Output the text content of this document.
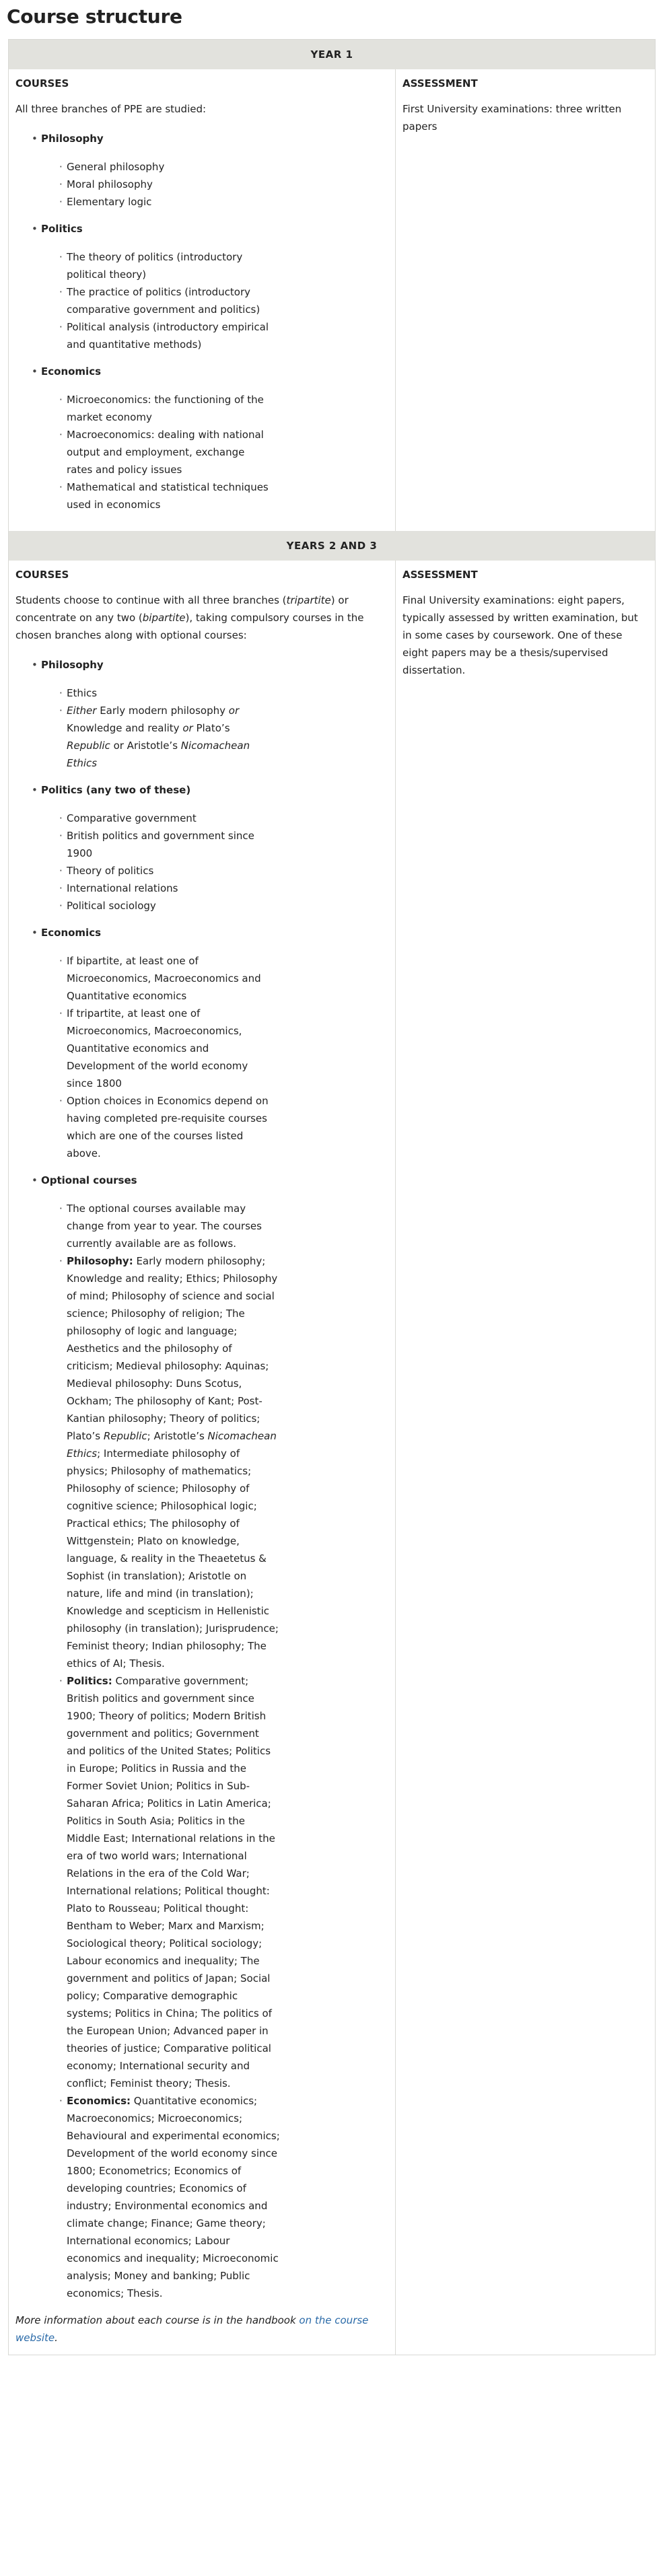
Course structure
YEAR 1
COURSES

All three branches of PPE are studied:

• Philosophy
· General philosophy
· Moral philosophy
· Elementary logic
• Politics
· The theory of politics (introductory political theory)
· The practice of politics (introductory comparative government and politics)
· Political analysis (introductory empirical and quantitative methods)
• Economics
· Microeconomics: the functioning of the market economy
· Macroeconomics: dealing with national output and employment, exchange rates and policy issues
· Mathematical and statistical techniques used in economics
ASSESSMENT

First University examinations: three written papers

YEARS 2 AND 3
COURSES

Students choose to continue with all three branches (tripartite) or concentrate on any two (bipartite), taking compulsory courses in the chosen branches along with optional courses:

• Philosophy
· Ethics
· Either Early modern philosophy or Knowledge and reality or Plato’s Republic or Aristotle’s Nicomachean Ethics
• Politics (any two of these)
· Comparative government
· British politics and government since 1900
· Theory of politics
· International relations
· Political sociology
• Economics
· If bipartite, at least one of Microeconomics, Macroeconomics and Quantitative economics
· If tripartite, at least one of Microeconomics, Macroeconomics, Quantitative economics and Development of the world economy since 1800
· Option choices in Economics depend on having completed pre-requisite courses which are one of the courses listed above.
• Optional courses
· The optional courses available may change from year to year. The courses currently available are as follows.
· Philosophy: Early modern philosophy; Knowledge and reality; Ethics; Philosophy of mind; Philosophy of science and social science; Philosophy of religion; The philosophy of logic and language; Aesthetics and the philosophy of criticism; Medieval philosophy: Aquinas; Medieval philosophy: Duns Scotus, Ockham; The philosophy of Kant; Post-Kantian philosophy; Theory of politics; Plato’s Republic; Aristotle’s Nicomachean Ethics; Intermediate philosophy of physics; Philosophy of mathematics; Philosophy of science; Philosophy of cognitive science; Philosophical logic; Practical ethics; The philosophy of Wittgenstein; Plato on knowledge, language, & reality in the Theaetetus & Sophist (in translation); Aristotle on nature, life and mind (in translation); Knowledge and scepticism in Hellenistic philosophy (in translation); Jurisprudence; Feminist theory; Indian philosophy; The ethics of AI; Thesis.
· Politics: Comparative government; British politics and government since 1900; Theory of politics; Modern British government and politics; Government and politics of the United States; Politics in Europe; Politics in Russia and the Former Soviet Union; Politics in Sub-Saharan Africa; Politics in Latin America; Politics in South Asia; Politics in the Middle East; International relations in the era of two world wars; International Relations in the era of the Cold War; International relations; Political thought: Plato to Rousseau; Political thought: Bentham to Weber; Marx and Marxism; Sociological theory; Political sociology; Labour economics and inequality; The government and politics of Japan; Social policy; Comparative demographic systems; Politics in China; The politics of the European Union; Advanced paper in theories of justice; Comparative political economy; International security and conflict; Feminist theory; Thesis.
· Economics: Quantitative economics; Macroeconomics; Microeconomics; Behavioural and experimental economics; Development of the world economy since 1800; Econometrics; Economics of developing countries; Economics of industry; Environmental economics and climate change; Finance; Game theory; International economics; Labour economics and inequality; Microeconomic analysis; Money and banking; Public economics; Thesis.

More information about each course is in the handbook on the course website.

ASSESSMENT

Final University examinations: eight papers, typically assessed by written examination, but in some cases by coursework. One of these eight papers may be a thesis/supervised dissertation.
